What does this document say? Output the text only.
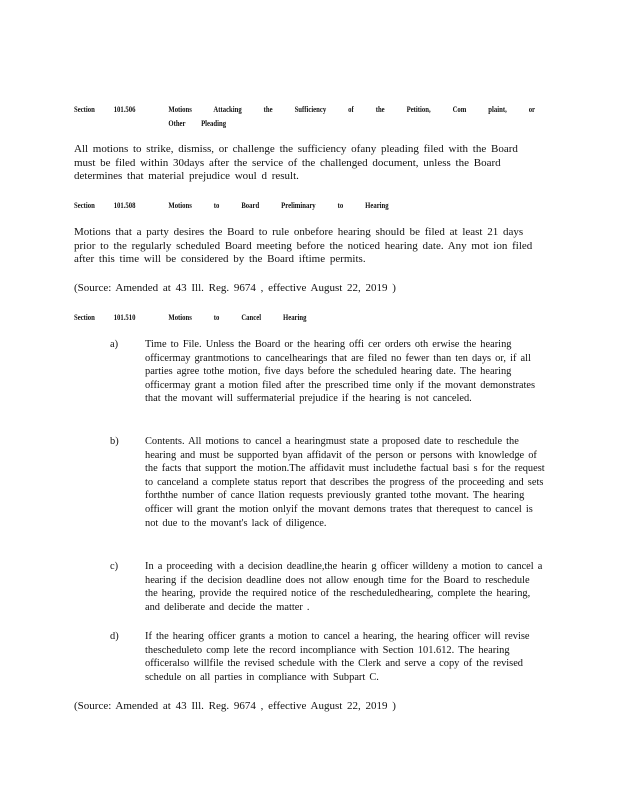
Section 101.506	Motions Attacking the Sufficiency of the Petition, Com plaint, or
Other Pleading
All motions to strike, dismiss, or challenge the sufficiency ofany pleading filed with the Board must be filed within 30days after the service of the challenged document, unless the Board determines that material prejudice woul d result.
Section 101.508	Motions to Board Preliminary to Hearing
Motions that a party desires the Board to rule onbefore hearing should be filed at least 21 days prior to the regularly scheduled Board meeting before the noticed hearing date. Any mot ion filed after this time will be considered by the Board iftime permits.
(Source: Amended at 43 Ill. Reg. 9674 , effective August 22, 2019 )
Section 101.510	Motions to Cancel Hearing
a)	Time to File. Unless the Board or the hearing offi cer orders oth erwise the hearing officermay grantmotions to cancelhearings that are filed no fewer than ten days or, if all parties agree tothe motion, five days before the scheduled hearing date. The hearing officermay grant a motion filed after the prescribed time only if the movant demonstrates that the movant will suffermaterial prejudice if the hearing is not canceled.
b)	Contents. All motions to cancel a hearingmust state a proposed date to reschedule the hearing and must be supported byan affidavit of the person or persons with knowledge of the facts that support the motion.The affidavit must includethe factual basi s for the request to canceland a complete status report that describes the progress of the proceeding and sets forththe number of cance llation requests previously granted tothe movant. The hearing officer will grant the motion onlyif the movant demons trates that therequest to cancel is not due to the movant's lack of diligence.
c)	In a proceeding with a decision deadline,the hearin g officer willdeny a motion to cancel a hearing if the decision deadline does not allow enough time for the Board to reschedule the hearing, provide the required notice of the rescheduledhearing, complete the hearing, and deliberate and decide the matter .
d)	If the hearing officer grants a motion to cancel a hearing, the hearing officer will revise thescheduleto comp lete the record incompliance with Section 101.612. The hearing officeralso willfile the revised schedule with the Clerk and serve a copy of the revised schedule on all parties in compliance with Subpart C.
(Source: Amended at 43 Ill. Reg. 9674 , effective August 22, 2019 )
